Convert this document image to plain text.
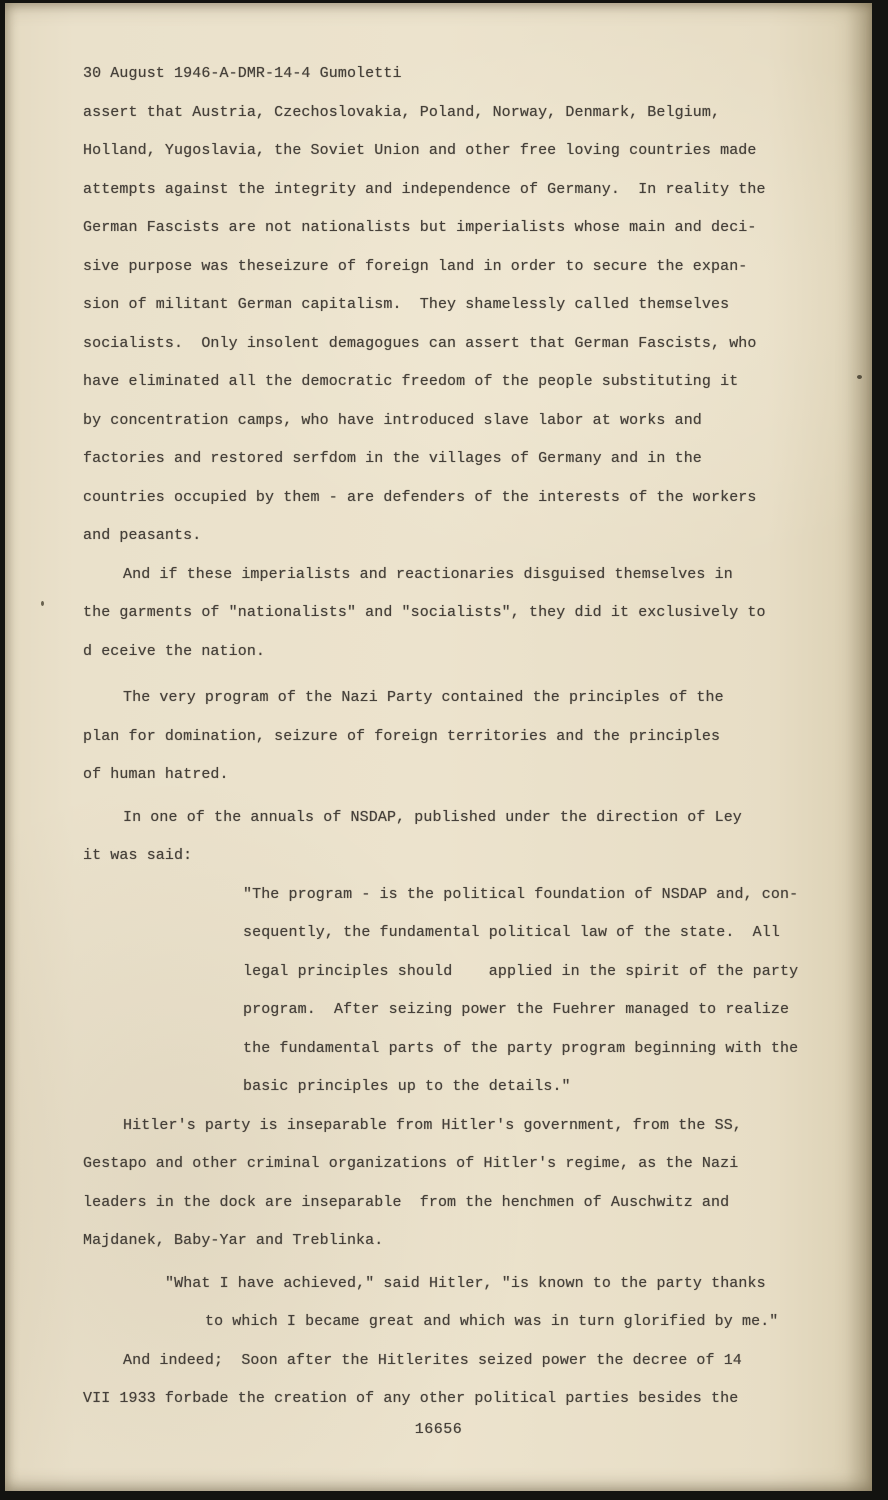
30 August 1946-A-DMR-14-4 Gumoletti
assert that Austria, Czechoslovakia, Poland, Norway, Denmark, Belgium,
Holland, Yugoslavia, the Soviet Union and other free loving countries made
attempts against the integrity and independence of Germany.  In reality the
German Fascists are not nationalists but imperialists whose main and deci-
sive purpose was theseizure of foreign land in order to secure the expan-
sion of militant German capitalism.  They shamelessly called themselves
socialists.  Only insolent demagogues can assert that German Fascists, who
have eliminated all the democratic freedom of the people substituting it
by concentration camps, who have introduced slave labor at works and
factories and restored serfdom in the villages of Germany and in the
countries occupied by them - are defenders of the interests of the workers
and peasants.
And if these imperialists and reactionaries disguised themselves in
the garments of "nationalists" and "socialists", they did it exclusively to
d eceive the nation.
The very program of the Nazi Party contained the principles of the
plan for domination, seizure of foreign territories and the principles
of human hatred.
In one of the annuals of NSDAP, published under the direction of Ley
it was said:
"The program - is the political foundation of NSDAP and, con-
sequently, the fundamental political law of the state.  All
legal principles should    applied in the spirit of the party
program.  After seizing power the Fuehrer managed to realize
the fundamental parts of the party program beginning with the
basic principles up to the details."
Hitler's party is inseparable from Hitler's government, from the SS,
Gestapo and other criminal organizations of Hitler's regime, as the Nazi
leaders in the dock are inseparable  from the henchmen of Auschwitz and
Majdanek, Baby-Yar and Treblinka.
"What I have achieved," said Hitler, "is known to the party thanks
to which I became great and which was in turn glorified by me."
And indeed;  Soon after the Hitlerites seized power the decree of 14
VII 1933 forbade the creation of any other political parties besides the
16656
